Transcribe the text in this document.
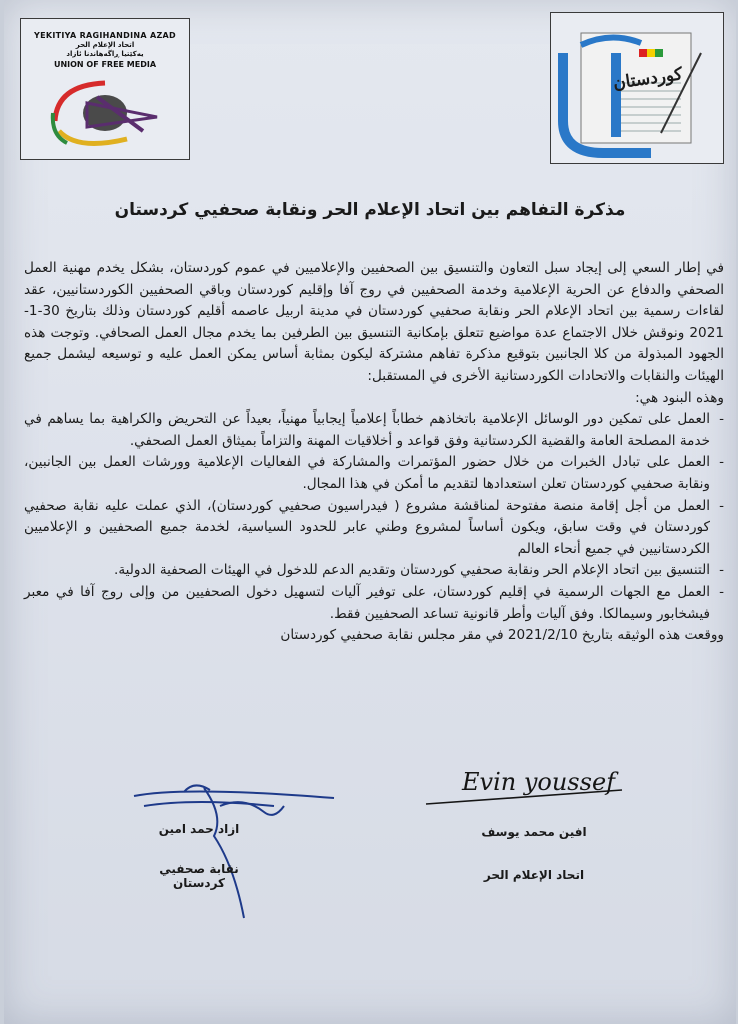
YEKITIYA RAGIHANDINA AZAD
اتحاد الإعلام الحر
یەکێتیا ڕاگەهاندنا ئازاد
UNION OF FREE MEDIA	کوردستان
مذكرة التفاهم بين اتحاد الإعلام الحر ونقابة صحفيي كردستان

في إطار السعي إلى إيجاد سبل التعاون والتنسيق بين الصحفيين والإعلاميين في عموم كوردستان، بشكل يخدم مهنية العمل الصحفي والدفاع عن الحرية الإعلامية وخدمة الصحفيين في روج آفا وإقليم كوردستان وباقي الصحفيين الكوردستانيين، عقد لقاءات رسمية بين اتحاد الإعلام الحر ونقابة صحفيي كوردستان في مدينة اربيل عاصمه أقليم كوردستان وذلك بتاريخ 30-1-2021 ونوقش خلال الاجتماع عدة مواضيع تتعلق بإمكانية التنسيق بين الطرفين بما يخدم مجال العمل الصحافي. وتوجت هذه الجهود المبذولة من كلا الجانبين بتوقيع مذكرة تفاهم مشتركة ليكون بمثابة أساس يمكن العمل عليه و توسيعه ليشمل جميع الهيئات والنقابات والاتحادات الكوردستانية الأخرى في المستقبل:

وهذه البنود هي:

-
العمل على تمكين دور الوسائل الإعلامية باتخاذهم خطاباً إعلامياً إيجابياً مهنياً، بعيداً عن التحريض والكراهية بما يساهم في خدمة المصلحة العامة والقضية الكردستانية وفق قواعد و أخلاقيات المهنة والتزاماً بميثاق العمل الصحفي.
-
العمل على تبادل الخبرات من خلال حضور المؤتمرات والمشاركة في الفعاليات الإعلامية وورشات العمل بين الجانبين، ونقابة صحفيي كوردستان تعلن استعدادها لتقديم ما أمكن في هذا المجال.
-
العمل من أجل إقامة منصة مفتوحة لمناقشة مشروع ( فيدراسيون صحفيي كوردستان)، الذي عملت عليه نقابة صحفيي كوردستان في وقت سابق، ويكون أساساً لمشروع وطني عابر للحدود السياسية، لخدمة جميع الصحفيين و الإعلاميين الكردستانيين في جميع أنحاء العالم
-
التنسيق بين اتحاد الإعلام الحر ونقابة صحفيي كوردستان وتقديم الدعم للدخول في الهيئات الصحفية الدولية.
-
العمل مع الجهات الرسمية في إقليم كوردستان، على توفير آليات لتسهيل دخول الصحفيين من وإلى روج آفا في معبر فيشخابور وسيمالكا. وفق آليات وأطر قانونية تساعد الصحفيين فقط.

ووقعت هذه الوثيقه بتاريخ 2021/2/10 في مقر مجلس نقابة صحفيي كوردستان

Evin youssef
افين محمد يوسف
اتحاد الإعلام الحر
ازاد حمد امين
نقابة صحفيي كردستان
